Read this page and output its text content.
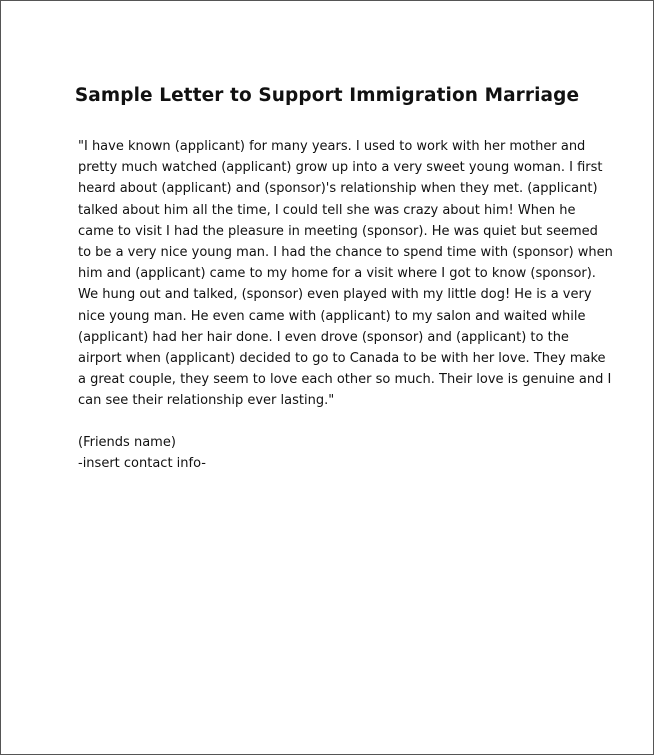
Sample Letter to Support Immigration Marriage
"I have known (applicant) for many years. I used to work with her mother and
pretty much watched (applicant) grow up into a very sweet young woman. I first
heard about (applicant) and (sponsor)'s relationship when they met. (applicant)
talked about him all the time, I could tell she was crazy about him! When he
came to visit I had the pleasure in meeting (sponsor). He was quiet but seemed
to be a very nice young man. I had the chance to spend time with (sponsor) when
him and (applicant) came to my home for a visit where I got to know (sponsor).
We hung out and talked, (sponsor) even played with my little dog! He is a very
nice young man. He even came with (applicant) to my salon and waited while
(applicant) had her hair done. I even drove (sponsor) and (applicant) to the
airport when (applicant) decided to go to Canada to be with her love. They make
a great couple, they seem to love each other so much. Their love is genuine and I
can see their relationship ever lasting."
(Friends name)
-insert contact info-
